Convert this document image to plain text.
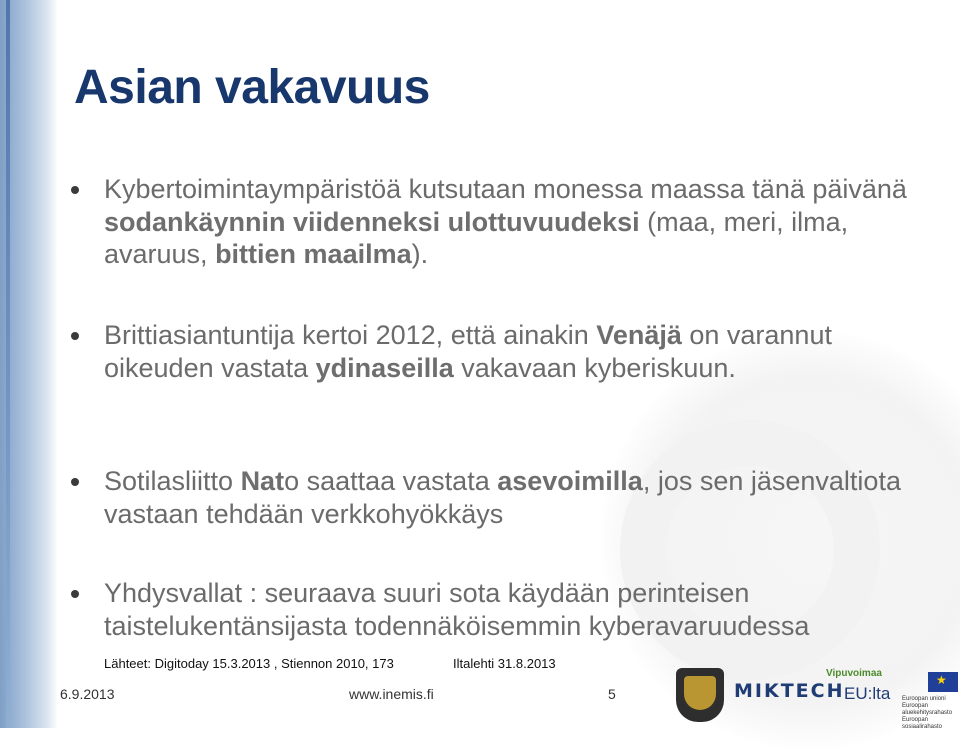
Asian vakavuus
Kybertoimintaympäristöä kutsutaan monessa maassa tänä päivänä sodankäynnin viidenneksi ulottuvuudeksi (maa, meri, ilma, avaruus, bittien maailma).
Brittiasiantuntija kertoi 2012, että ainakin Venäjä on varannut oikeuden vastata ydinaseilla vakavaan kyberiskuun.
Sotilasliitto Nato saattaa vastata asevoimilla, jos sen jäsenvaltiota vastaan tehdään verkkohyökkäys
Yhdysvallat : seuraava suuri sota käydään perinteisen taistelukentänsijasta todennäköisemmin kyberavaruudessa
Lähteet: Digitoday 15.3.2013 , Stiennon 2010, 173	Iltalehti 31.8.2013
6.9.2013	www.inemis.fi	5	MIKTECH
Vipuvoimaa
EU:lta
★ Euroopan unioni Euroopan aluekehitysrahasto Euroopan sosiaalirahasto
